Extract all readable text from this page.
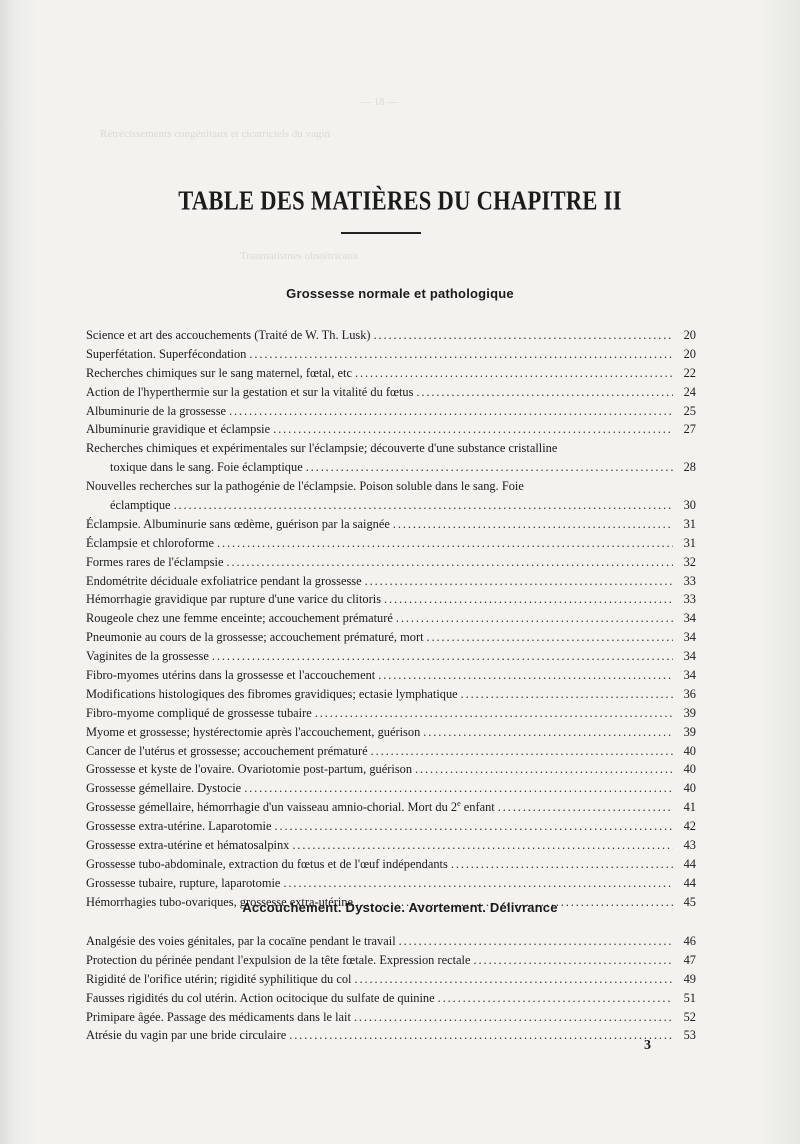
— 18 —
Rétrécissements congénitaux et cicatriciels du vagin
Traumatismes obstétricaux
TABLE DES MATIÈRES DU CHAPITRE II
Grossesse normale et pathologique
Science et art des accouchements (Traité de W. Th. Lusk) . . .	20
Superfétation. Superfécondation . . .	20
Recherches chimiques sur le sang maternel, fœtal, etc . . .	22
Action de l'hyperthermie sur la gestation et sur la vitalité du fœtus . . .	24
Albuminurie de la grossesse . . .	25
Albuminurie gravidique et éclampsie . . .	27
Recherches chimiques et expérimentales sur l'éclampsie; découverte d'une substance cristalline
toxique dans le sang. Foie éclamptique . . .	28
Nouvelles recherches sur la pathogénie de l'éclampsie. Poison soluble dans le sang. Foie
éclamptique . . .	30
Éclampsie. Albuminurie sans œdème, guérison par la saignée . . .	31
Éclampsie et chloroforme . . .	31
Formes rares de l'éclampsie . . .	32
Endométrite déciduale exfoliatrice pendant la grossesse . . .	33
Hémorrhagie gravidique par rupture d'une varice du clitoris . . .	33
Rougeole chez une femme enceinte; accouchement prématuré . . .	34
Pneumonie au cours de la grossesse; accouchement prématuré, mort . . .	34
Vaginites de la grossesse . . .	34
Fibro-myomes utérins dans la grossesse et l'accouchement . . .	34
Modifications histologiques des fibromes gravidiques; ectasie lymphatique . . .	36
Fibro-myome compliqué de grossesse tubaire . . .	39
Myome et grossesse; hystérectomie après l'accouchement, guérison . . .	39
Cancer de l'utérus et grossesse; accouchement prématuré . . .	40
Grossesse et kyste de l'ovaire. Ovariotomie post-partum, guérison . . .	40
Grossesse gémellaire. Dystocie . . .	40
Grossesse gémellaire, hémorrhagie d'un vaisseau amnio-chorial. Mort du 2e enfant . . .	41
Grossesse extra-utérine. Laparotomie . . .	42
Grossesse extra-utérine et hématosalpinx . . .	43
Grossesse tubo-abdominale, extraction du fœtus et de l'œuf indépendants . . .	44
Grossesse tubaire, rupture, laparotomie . . .	44
Hémorrhagies tubo-ovariques, grossesse extra-utérine . . .	45
Accouchement. Dystocie. Avortement. Délivrance
Analgésie des voies génitales, par la cocaïne pendant le travail . . .	46
Protection du périnée pendant l'expulsion de la tête fœtale. Expression rectale . . .	47
Rigidité de l'orifice utérin; rigidité syphilitique du col . . .	49
Fausses rigidités du col utérin. Action ocitocique du sulfate de quinine . . .	51
Primipare âgée. Passage des médicaments dans le lait . . .	52
Atrésie du vagin par une bride circulaire . . .	53
3
